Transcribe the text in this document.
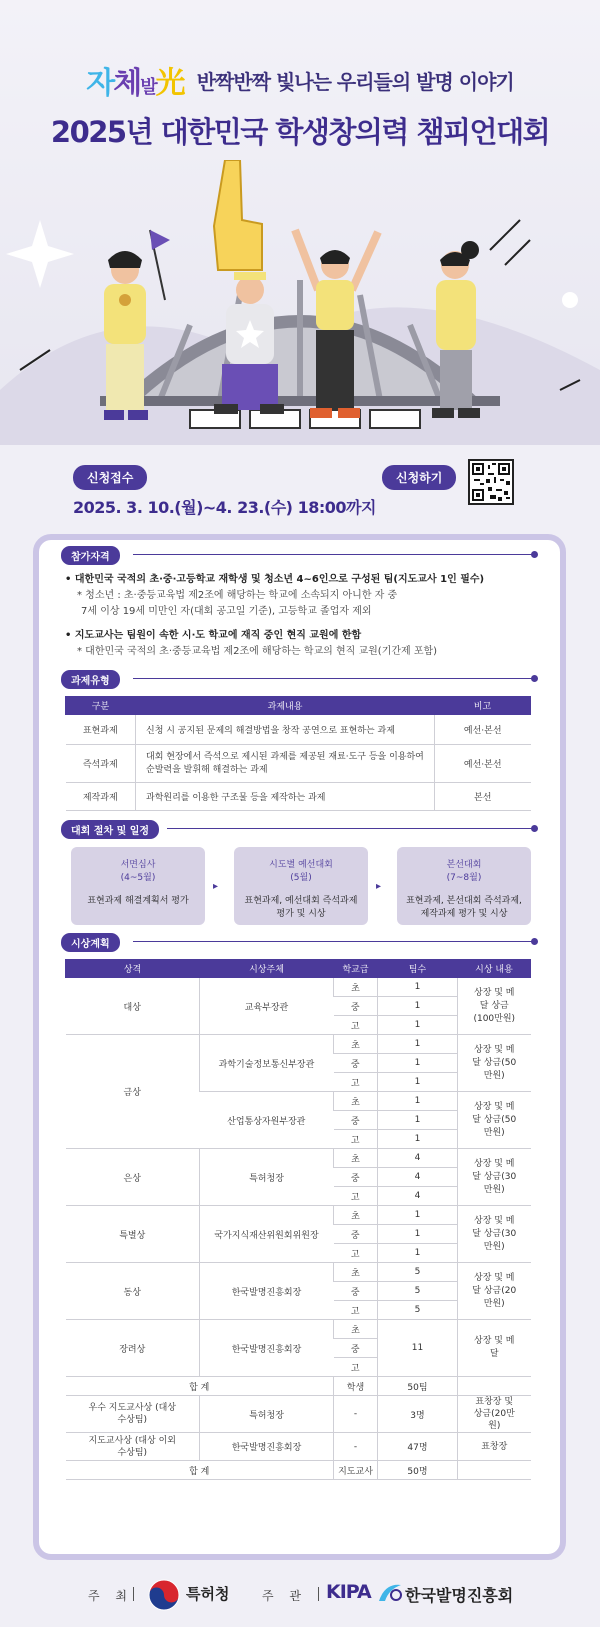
자체발光 반짝반짝 빛나는 우리들의 발명 이야기
2025년 대한민국 학생창의력 챔피언대회
신청접수
2025. 3. 10.(월)~4. 23.(수) 18:00까지
신청하기
참가자격
• 대한민국 국적의 초·중·고등학교 재학생 및 청소년 4~6인으로 구성된 팀(지도교사 1인 필수)
* 청소년 : 초·중등교육법 제2조에 해당하는 학교에 소속되지 아니한 자 중
7세 이상 19세 미만인 자(대회 공고일 기준), 고등학교 졸업자 제외
• 지도교사는 팀원이 속한 시·도 학교에 재직 중인 현직 교원에 한함
* 대한민국 국적의 초·중등교육법 제2조에 해당하는 학교의 현직 교원(기간제 포함)
과제유형
구분	과제내용	비고
표현과제	신청 시 공지된 문제의 해결방법을 창작 공연으로 표현하는 과제	예선·본선
즉석과제	대회 현장에서 즉석으로 제시된 과제를 제공된 재료·도구 등을 이용하여 순발력을 발휘해 해결하는 과제	예선·본선
제작과제	과학원리를 이용한 구조물 등을 제작하는 과제	본선
대회 절차 및 일정
서면심사
(4~5월)
표현과제 해결계획서 평가
▸
시도별 예선대회
(5월)
표현과제, 예선대회 즉석과제 평가 및 시상
▸
본선대회
(7~8월)
표현과제, 본선대회 즉석과제, 제작과제 평가 및 시상
시상계획
상격	시상주체	학교급	팀수	시상 내용
대상	교육부장관	초	1	상장 및 메달 상금(100만원)
		중	1	
		고	1	
금상	과학기술정보통신부장관	초	1	상장 및 메달 상금(50만원)
		중	1	
		고	1	
	산업통상자원부장관	초	1	상장 및 메달 상금(50만원)
		중	1	
		고	1	
은상	특허청장	초	4	상장 및 메달 상금(30만원)
		중	4	
		고	4	
특별상	국가지식재산위원회위원장	초	1	상장 및 메달 상금(30만원)
		중	1	
		고	1	
동상	한국발명진흥회장	초	5	상장 및 메달 상금(20만원)
		중	5	
		고	5	
장려상	한국발명진흥회장	초	11	상장 및 메달
		중		
		고		
합 계		학생	50팀	
우수 지도교사상 (대상 수상팀)	특허청장	-	3명	표창장 및 상금(20만원)
지도교사상 (대상 이외수상팀)	한국발명진흥회장	-	47명	표창장
합 계		지도교사	50명	
주 최	특허청	주 관 KIPA 한국발명진흥회
